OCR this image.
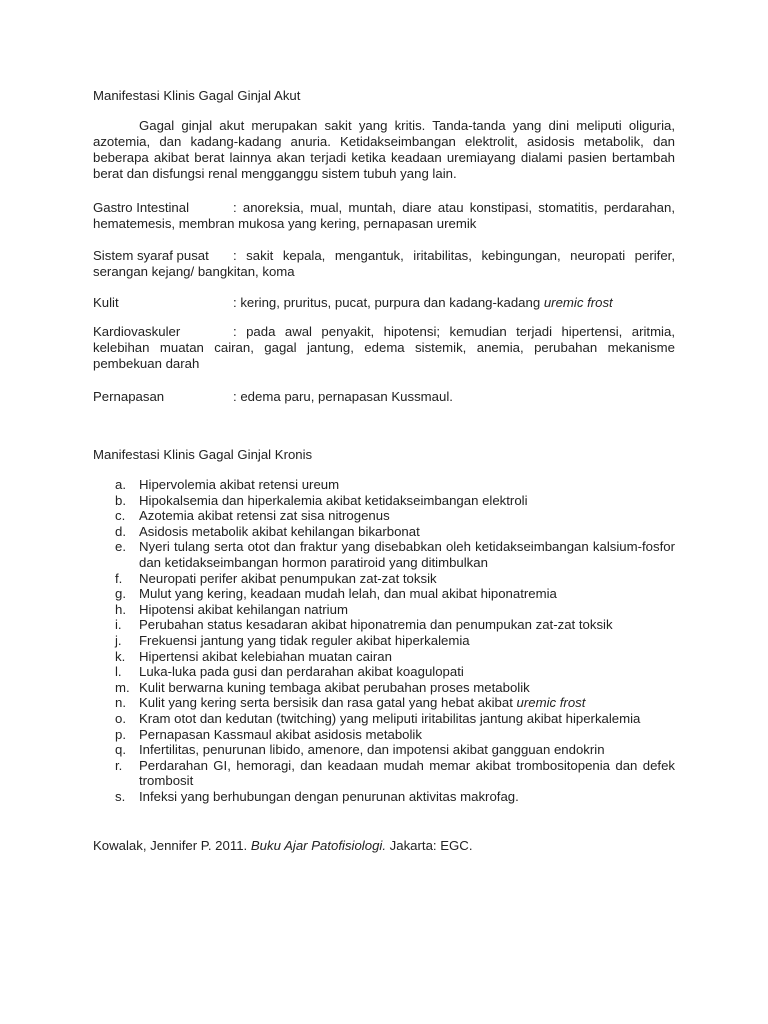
Manifestasi Klinis Gagal Ginjal Akut

Gagal ginjal akut merupakan sakit yang kritis. Tanda-tanda yang dini meliputi oliguria, azotemia, dan kadang-kadang anuria. Ketidakseimbangan elektrolit, asidosis metabolik, dan beberapa akibat berat lainnya akan terjadi ketika keadaan uremiayang dialami pasien bertambah berat dan disfungsi renal mengganggu sistem tubuh yang lain.

Gastro Intestinal	: anoreksia, mual, muntah, diare atau konstipasi, stomatitis, perdarahan, hematemesis, membran mukosa yang kering, pernapasan uremik
Sistem syaraf pusat : sakit kepala, mengantuk, iritabilitas, kebingungan, neuropati perifer, serangan kejang/ bangkitan, koma
Kulit	: kering, pruritus, pucat, purpura dan kadang-kadang uremic frost
Kardiovaskuler	: pada awal penyakit, hipotensi; kemudian terjadi hipertensi, aritmia, kelebihan muatan cairan, gagal jantung, edema sistemik, anemia, perubahan mekanisme pembekuan darah
Pernapasan	: edema paru, pernapasan Kussmaul.

Manifestasi Klinis Gagal Ginjal Kronis

a. Hipervolemia akibat retensi ureum
b. Hipokalsemia dan hiperkalemia akibat ketidakseimbangan elektroli
c. Azotemia akibat retensi zat sisa nitrogenus
d. Asidosis metabolik akibat kehilangan bikarbonat
e. Nyeri tulang serta otot dan fraktur yang disebabkan oleh ketidakseimbangan kalsium-fosfor dan ketidakseimbangan hormon paratiroid yang ditimbulkan
f. Neuropati perifer akibat penumpukan zat-zat toksik
g. Mulut yang kering, keadaan mudah lelah, dan mual akibat hiponatremia
h. Hipotensi akibat kehilangan natrium
i. Perubahan status kesadaran akibat hiponatremia dan penumpukan zat-zat toksik
j. Frekuensi jantung yang tidak reguler akibat hiperkalemia
k. Hipertensi akibat kelebiahan muatan cairan
l. Luka-luka pada gusi dan perdarahan akibat koagulopati
m. Kulit berwarna kuning tembaga akibat perubahan proses metabolik
n. Kulit yang kering serta bersisik dan rasa gatal yang hebat akibat uremic frost
o. Kram otot dan kedutan (twitching) yang meliputi iritabilitas jantung akibat hiperkalemia
p. Pernapasan Kassmaul akibat asidosis metabolik
q. Infertilitas, penurunan libido, amenore, dan impotensi akibat gangguan endokrin
r. Perdarahan GI, hemoragi, dan keadaan mudah memar akibat trombositopenia dan defek trombosit
s. Infeksi yang berhubungan dengan penurunan aktivitas makrofag.

Kowalak, Jennifer P. 2011. Buku Ajar Patofisiologi. Jakarta: EGC.
